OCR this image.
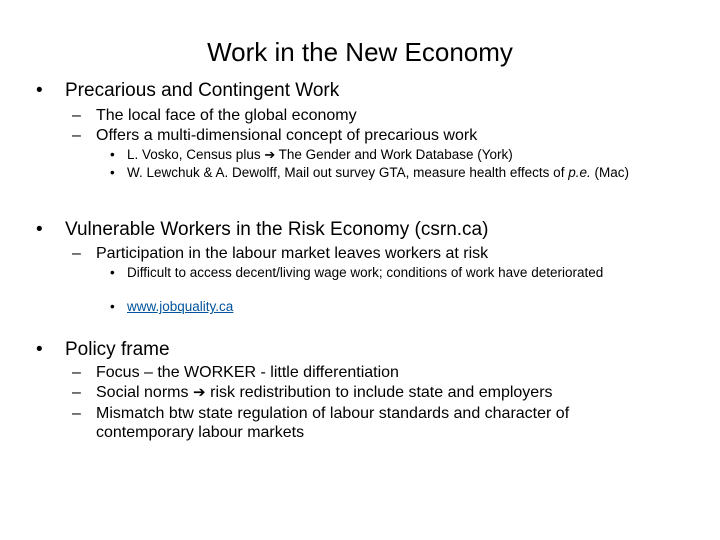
Work in the New Economy
• Precarious and Contingent Work
– The local face of the global economy
– Offers a multi-dimensional concept of precarious work
• L. Vosko, Census plus ➔ The Gender and Work Database (York)
• W. Lewchuk & A. Dewolff, Mail out survey GTA, measure health effects of p.e. (Mac)
• Vulnerable Workers in the Risk Economy (csrn.ca)
– Participation in the labour market leaves workers at risk
• Difficult to access decent/living wage work; conditions of work have deteriorated
• www.jobquality.ca
• Policy frame
– Focus – the WORKER - little differentiation
– Social norms ➔ risk redistribution to include state and employers
– Mismatch btw state regulation of labour standards and character of contemporary labour markets
